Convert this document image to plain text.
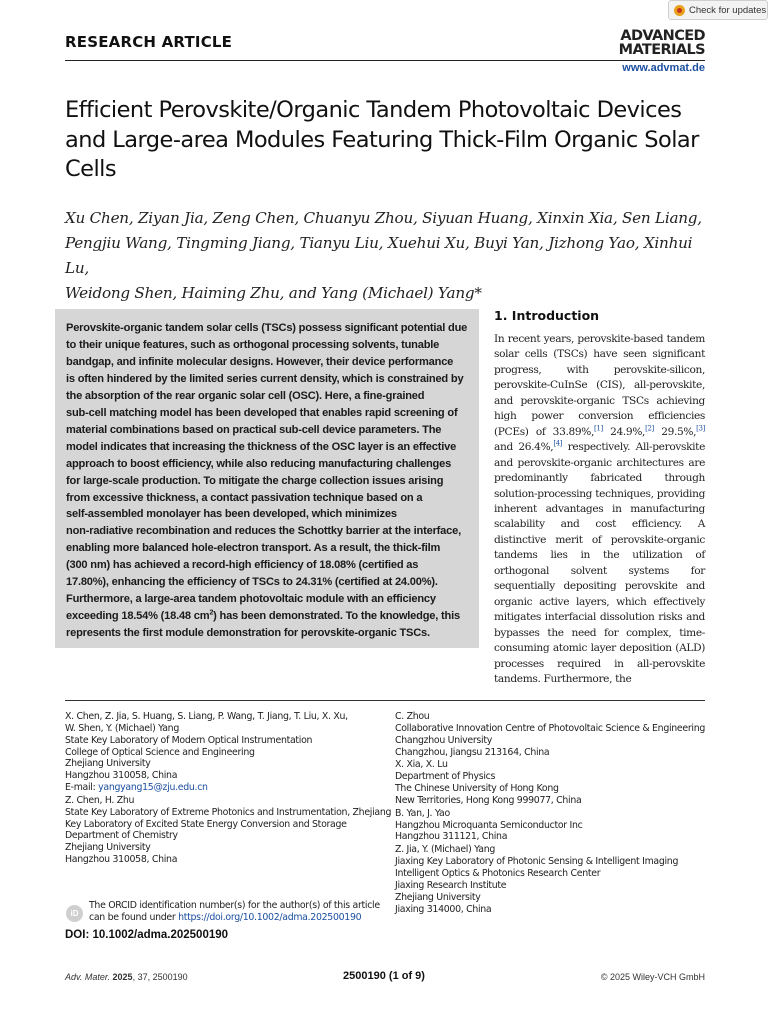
Check for updates
RESEARCH ARTICLE	ADVANCED
MATERIALS
www.advmat.de
Efficient Perovskite/Organic Tandem Photovoltaic Devices and Large-area Modules Featuring Thick-Film Organic Solar Cells

Xu Chen, Ziyan Jia, Zeng Chen, Chuanyu Zhou, Siyuan Huang, Xinxin Xia, Sen Liang,
Pengjiu Wang, Tingming Jiang, Tianyu Liu, Xuehui Xu, Buyi Yan, Jizhong Yao, Xinhui Lu,
Weidong Shen, Haiming Zhu, and Yang (Michael) Yang*

Perovskite-organic tandem solar cells (TSCs) possess significant potential due
to their unique features, such as orthogonal processing solvents, tunable
bandgap, and infinite molecular designs. However, their device performance
is often hindered by the limited series current density, which is constrained by
the absorption of the rear organic solar cell (OSC). Here, a fine-grained
sub-cell matching model has been developed that enables rapid screening of
material combinations based on practical sub-cell device parameters. The
model indicates that increasing the thickness of the OSC layer is an effective
approach to boost efficiency, while also reducing manufacturing challenges
for large-scale production. To mitigate the charge collection issues arising
from excessive thickness, a contact passivation technique based on a
self-assembled monolayer has been developed, which minimizes
non-radiative recombination and reduces the Schottky barrier at the interface,
enabling more balanced hole-electron transport. As a result, the thick-film
(300 nm) has achieved a record-high efficiency of 18.08% (certified as
17.80%), enhancing the efficiency of TSCs to 24.31% (certified at 24.00%).
Furthermore, a large-area tandem photovoltaic module with an efficiency
exceeding 18.54% (18.48 $cm^2$) has been demonstrated. To the knowledge, this
represents the first module demonstration for perovskite-organic TSCs.

1. Introduction

In recent years, perovskite-based tandem solar cells (TSCs) have seen significant progress, with perovskite-silicon, perovskite-CuInSe (CIS), all-perovskite, and perovskite-organic TSCs achieving high power conversion efficiencies (PCEs) of 33.89%,[1] 24.9%,[2] 29.5%,[3] and 26.4%,[4] respectively. All-perovskite and perovskite-organic architectures are predominantly fabricated through solution-processing techniques, providing inherent advantages in manufacturing scalability and cost efficiency. A distinctive merit of perovskite-organic tandems lies in the utilization of orthogonal solvent systems for sequentially depositing perovskite and organic active layers, which effectively mitigates interfacial dissolution risks and bypasses the need for complex, time-consuming atomic layer deposition (ALD) processes required in all-perovskite tandems. Furthermore, the

X. Chen, Z. Jia, S. Huang, S. Liang, P. Wang, T. Jiang, T. Liu, X. Xu,
W. Shen, Y. (Michael) Yang
State Key Laboratory of Modern Optical Instrumentation
College of Optical Science and Engineering
Zhejiang University
Hangzhou 310058, China
E-mail: yangyang15@zju.edu.cn
Z. Chen, H. Zhu
State Key Laboratory of Extreme Photonics and Instrumentation, Zhejiang
Key Laboratory of Excited State Energy Conversion and Storage
Department of Chemistry
Zhejiang University
Hangzhou 310058, China
C. Zhou
Collaborative Innovation Centre of Photovoltaic Science & Engineering
Changzhou University
Changzhou, Jiangsu 213164, China
X. Xia, X. Lu
Department of Physics
The Chinese University of Hong Kong
New Territories, Hong Kong 999077, China
B. Yan, J. Yao
Hangzhou Microquanta Semiconductor Inc
Hangzhou 311121, China
Z. Jia, Y. (Michael) Yang
Jiaxing Key Laboratory of Photonic Sensing & Intelligent Imaging
Intelligent Optics & Photonics Research Center
Jiaxing Research Institute
Zhejiang University
Jiaxing 314000, China
iD
The ORCID identification number(s) for the author(s) of this article
can be found under https://doi.org/10.1002/adma.202500190
DOI: 10.1002/adma.202500190
Adv. Mater. 2025, 37, 2500190	2500190 (1 of 9)	© 2025 Wiley-VCH GmbH
